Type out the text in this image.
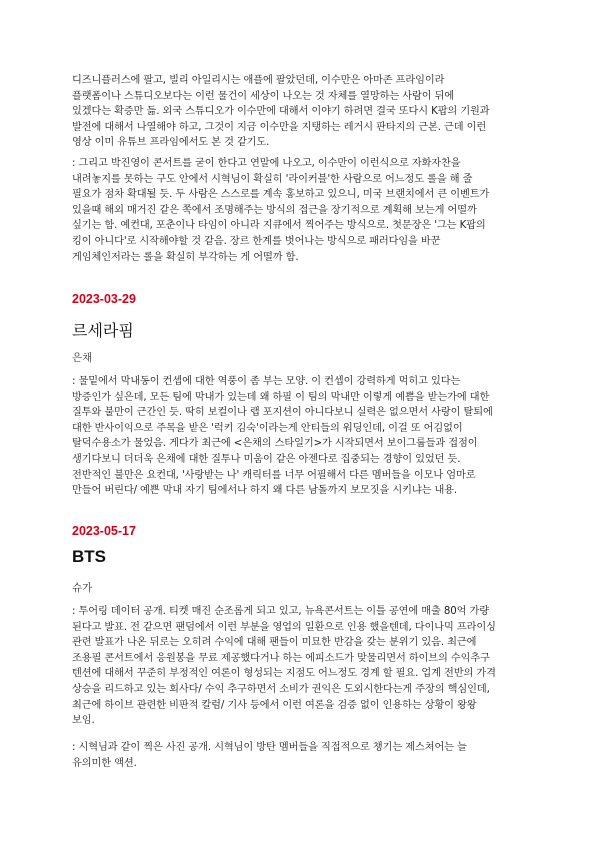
디즈니플러스에 팔고, 빌리 아일리시는 애플에 팔았던데, 이수만은 아마존 프라임이라
플랫폼이나 스튜디오보다는 이런 물건이 세상이 나오는 것 자체를 열망하는 사람이 뒤에
있겠다는 확증만 듦. 외국 스튜디오가 이수만에 대해서 이야기 하려면 결국 또다시 K팝의 기원과
발전에 대해서 나열해야 하고, 그것이 지금 이수만을 지탱하는 레거시 판타지의 근본. 근데 이런
영상 이미 유튜브 프라임에서도 본 것 같기도.
: 그리고 박진영이 콘서트를 굳이 한다고 연말에 나오고, 이수만이 이런식으로 자화자찬을
내려놓지를 못하는 구도 안에서 시혁님이 확실히 '라이커블'한 사람으로 어느정도 롤을 해 줄
필요가 점차 확대될 듯. 두 사람은 스스로를 계속 홍보하고 있으니, 미국 브랜치에서 큰 이벤트가
있을때 해외 매거진 같은 쪽에서 조명해주는 방식의 접근을 장기적으로 계획해 보는게 어떨까
싶기는 함. 예컨대, 포춘이나 타임이 아니라 지큐에서 찍어주는 방식으로. 첫문장은 '그는 K팝의
킹이 아니다'로 시작해야할 것 같음. 장르 한계를 벗어나는 방식으로 패러다임을 바꾼
게임체인저라는 롤을 확실히 부각하는 게 어떨까 함.
2023-03-29
르세라핌
은채
: 물밑에서 막내동이 컨셉에 대한 역풍이 좀 부는 모양. 이 컨셉이 강력하게 먹히고 있다는
방증인가 싶은데, 모든 팀에 막내가 있는데 왜 하필 이 팀의 막내만 이렇게 예쁨을 받는가에 대한
질투와 불만이 근간인 듯. 딱히 보컬이나 랩 포지션이 아니다보니 실력은 없으면서 사랑이 탈퇴에
대한 반사이익으로 주목을 받은 '럭키 김숙'이라는게 안티들의 워딩인데, 이걸 또 어김없이
탈덕수용소가 물었음. 게다가 최근에 <은채의 스타일기>가 시작되면서 보이그룹들과 접점이
생기다보니 더더욱 은채에 대한 질투나 미움이 같은 아젠다로 집중되는 경향이 있었던 듯.
전반적인 불만은 요컨대, '사랑받는 나' 캐릭터를 너무 어필해서 다른 멤버들을 이모나 엄마로
만들어 버린다/ 예쁜 막내 자기 팀에서나 하지 왜 다른 남돌까지 보모짓을 시키냐는 내용.
2023-05-17
BTS
슈가
: 투어링 데이터 공개. 티켓 매진 순조롭게 되고 있고, 뉴욕콘서트는 이틀 공연에 매출 80억 가량
된다고 발표. 전 같으면 팬덤에서 이런 부분을 영업의 일환으로 인용 했을텐데, 다이나믹 프라이싱
관련 발표가 나온 뒤로는 오히려 수익에 대해 팬들이 미묘한 반감을 갖는 분위기 있음. 최근에
조용필 콘서트에서 응원봉을 무료 제공했다거나 하는 에피소드가 맞물리면서 하이브의 수익추구
텐션에 대해서 꾸준히 부정적인 여론이 형성되는 지점도 어느정도 경계 할 필요. 업계 전반의 가격
상승을 리드하고 있는 회사다/ 수익 추구하면서 소비가 권익은 도외시한다는게 주장의 핵심인데,
최근에 하이브 관련한 비판적 칼럼/ 기사 등에서 이런 여론을 검증 없이 인용하는 상황이 왕왕
보임.
: 시혁님과 같이 찍은 사진 공개. 시혁님이 방탄 멤버들을 직접적으로 챙기는 제스쳐어는 늘
유의미한 액션.
